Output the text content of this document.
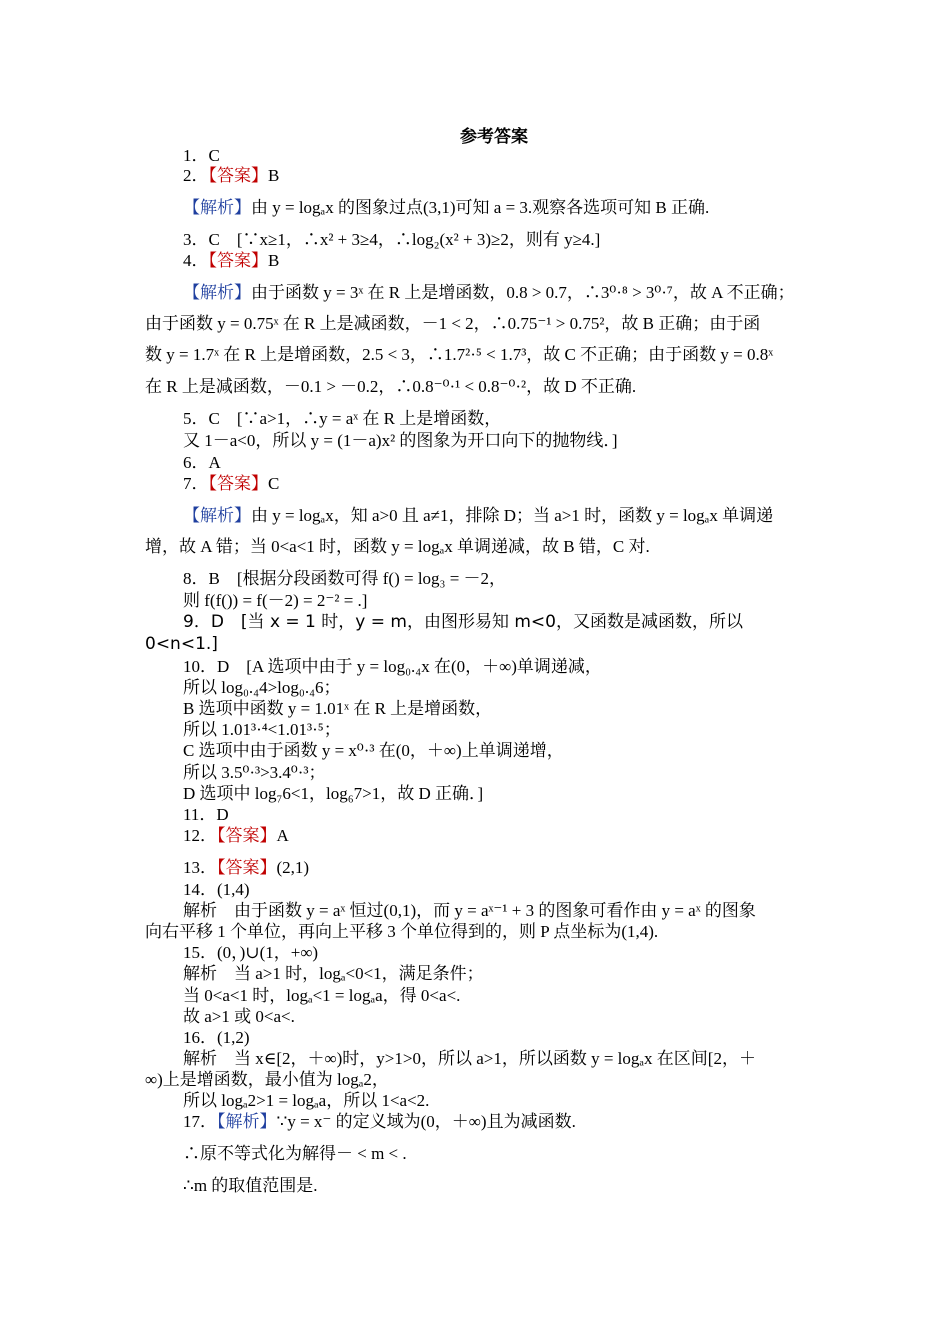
参考答案
1．C
2．【答案】B
【解析】由 y = logₐx 的图象过点(3,1)可知 a = 3.观察各选项可知 B 正确.
3．C　[∵x≥1，∴x² + 3≥4，∴log₂(x² + 3)≥2，则有 y≥4.]
4．【答案】B
【解析】由于函数 y = 3ˣ 在 R 上是增函数，0.8 > 0.7，∴3⁰·⁸ > 3⁰·⁷，故 A 不正确；
由于函数 y = 0.75ˣ 在 R 上是减函数，－1 < 2，∴0.75⁻¹ > 0.75²，故 B 正确；由于函
数 y = 1.7ˣ 在 R 上是增函数，2.5 < 3，∴1.7²·⁵ < 1.7³，故 C 不正确；由于函数 y = 0.8ˣ
在 R 上是减函数，－0.1 > －0.2，∴0.8⁻⁰·¹ < 0.8⁻⁰·²，故 D 不正确.
5．C　[∵a>1，∴y = aˣ 在 R 上是增函数，
又 1－a<0，所以 y = (1－a)x² 的图象为开口向下的抛物线．]
6．A
7．【答案】C
【解析】由 y = logₐx，知 a>0 且 a≠1，排除 D；当 a>1 时，函数 y = logₐx 单调递
增，故 A 错；当 0<a<1 时，函数 y = logₐx 单调递减，故 B 错，C 对.
8．B　[根据分段函数可得 f() = log₃ = －2，
则 f(f()) = f(－2) = 2⁻² = .]
9．D　[当 x = 1 时，y = m，由图形易知 m<0，又函数是减函数，所以
0<n<1.]
10．D　[A 选项中由于 y = log₀.₄x 在(0，＋∞)单调递减，
所以 log₀.₄4>log₀.₄6；
B 选项中函数 y = 1.01ˣ 在 R 上是增函数，
所以 1.01³·⁴<1.01³·⁵；
C 选项中由于函数 y = x⁰·³ 在(0，＋∞)上单调递增，
所以 3.5⁰·³>3.4⁰·³；
D 选项中 log₇6<1，log₆7>1，故 D 正确．]
11．D
12．【答案】A
13．【答案】(2,1)
14．(1,4)
解析　由于函数 y = aˣ 恒过(0,1)，而 y = aˣ⁻¹ + 3 的图象可看作由 y = aˣ 的图象
向右平移 1 个单位，再向上平移 3 个单位得到的，则 P 点坐标为(1,4).
15．(0，)∪(1，+∞)
解析　当 a>1 时，logₐ<0<1，满足条件；
当 0<a<1 时，logₐ<1 = logₐa，得 0<a<.
故 a>1 或 0<a<.
16．(1,2)
解析　当 x∈[2，＋∞)时，y>1>0，所以 a>1，所以函数 y = logₐx 在区间[2，＋
∞)上是增函数，最小值为 logₐ2，
所以 logₐ2>1 = logₐa，所以 1<a<2.
17．【解析】∵y = x⁻ 的定义域为(0，＋∞)且为减函数.
∴原不等式化为解得－ < m < .
∴m 的取值范围是.
